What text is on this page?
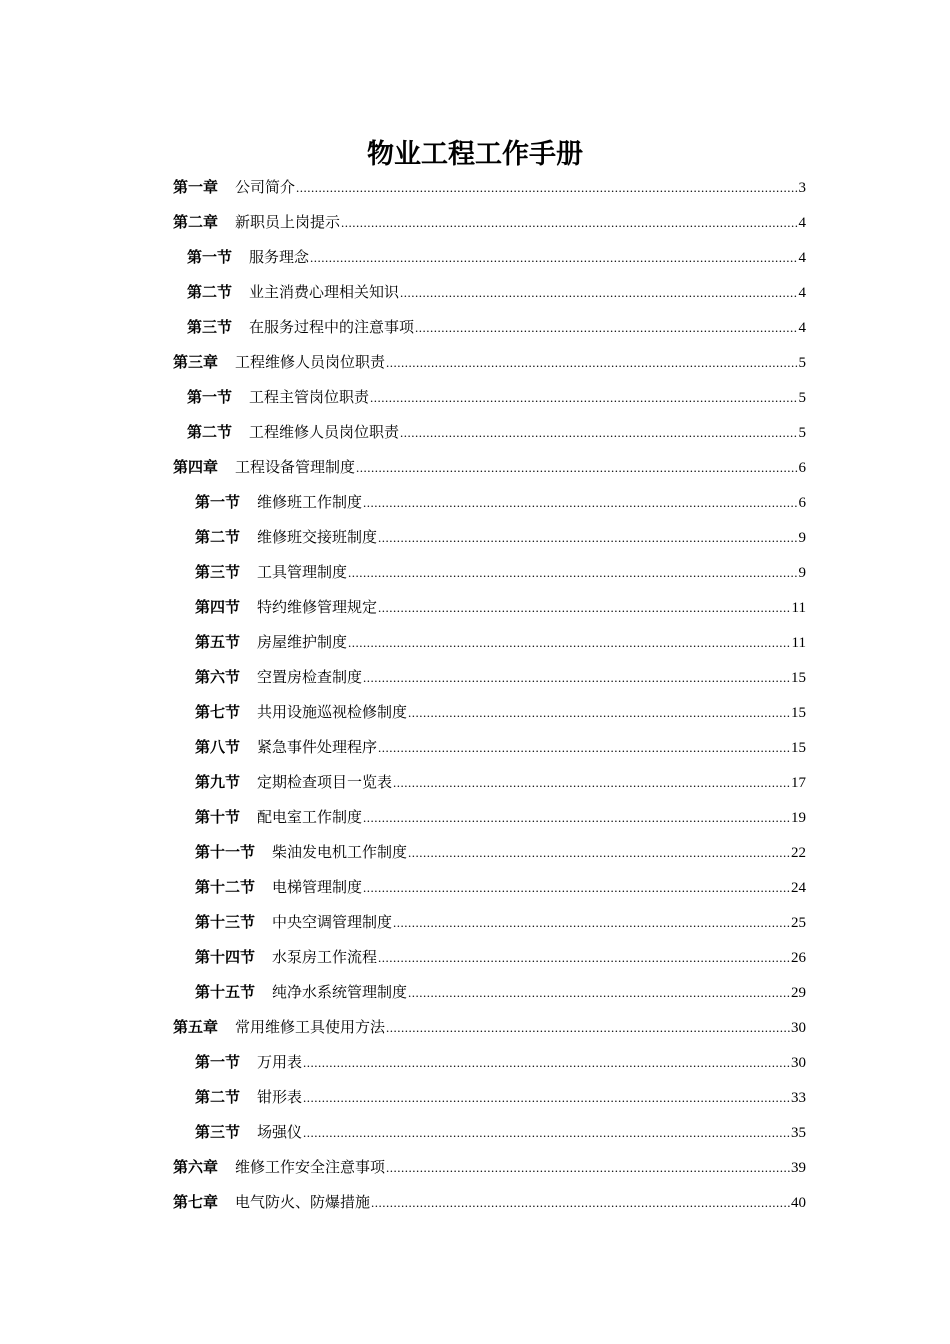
物业工程工作手册
第一章 公司简介 .....	3
第二章 新职员上岗提示 .....	4
第一节 服务理念 .....	4
第二节 业主消费心理相关知识 .....	4
第三节 在服务过程中的注意事项 .....	4
第三章 工程维修人员岗位职责 .....	5
第一节 工程主管岗位职责 .....	5
第二节 工程维修人员岗位职责 .....	5
第四章 工程设备管理制度 .....	6
第一节 维修班工作制度 .....	6
第二节 维修班交接班制度 .....	9
第三节 工具管理制度 .....	9
第四节 特约维修管理规定 .....	11
第五节 房屋维护制度 .....	11
第六节 空置房检查制度 .....	15
第七节 共用设施巡视检修制度 .....	15
第八节 紧急事件处理程序 .....	15
第九节 定期检查项目一览表 .....	17
第十节 配电室工作制度 .....	19
第十一节 柴油发电机工作制度 .....	22
第十二节 电梯管理制度 .....	24
第十三节 中央空调管理制度 .....	25
第十四节 水泵房工作流程 .....	26
第十五节 纯净水系统管理制度 .....	29
第五章 常用维修工具使用方法 .....	30
第一节 万用表 .....	30
第二节 钳形表 .....	33
第三节 场强仪 .....	35
第六章 维修工作安全注意事项 .....	39
第七章 电气防火、防爆措施 .....	40
